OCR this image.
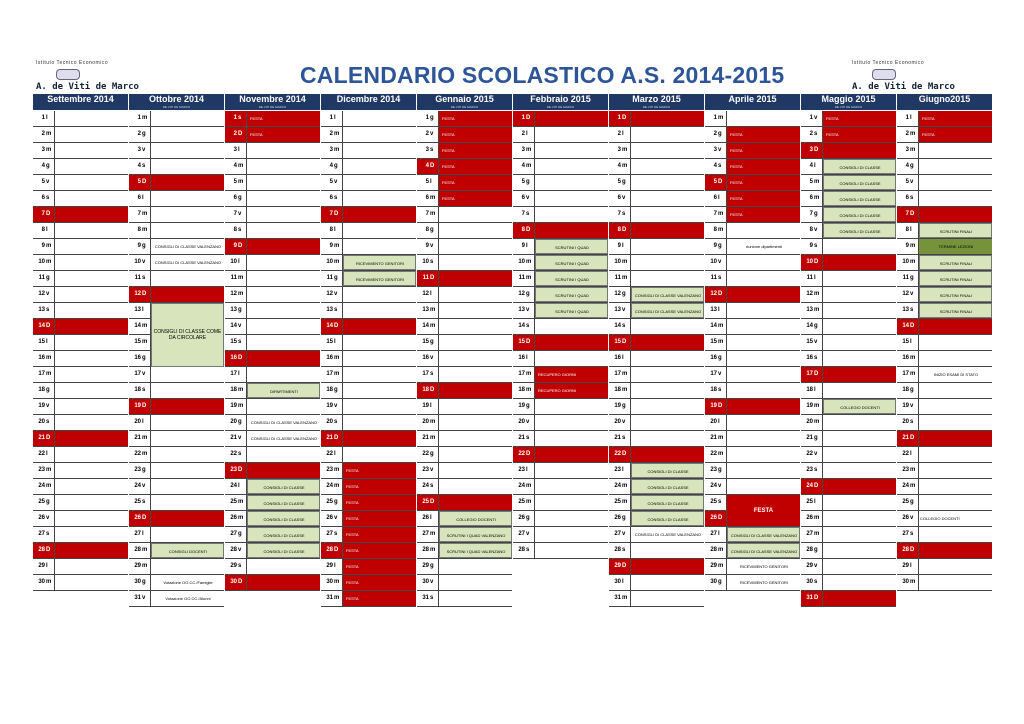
CALENDARIO SCOLASTICO A.S. 2014-2015
Istituto Tecnico Economico
A. de Viti de Marco
Istituto Tecnico Economico
A. de Viti de Marco
Settembre 2014
1 l
2 m
3 m
4 g
5 v
6 s
7 D
8 l
9 m
10 m
11 g
12 v
13 s
14 D
15 l
16 m
17 m
18 g
19 v
20 s
21 D
22 l
23 m
24 m
25 g
26 v
27 s
28 D
29 l
30 m
Ottobre 2014
DE VITI DE MARCO
1 m
2 g
3 v
4 s
5 D
6 l
7 m
8 m
9 g	CONSIGLI DI CLASSE VALENZANO
10 v	CONSIGLI DI CLASSE VALENZANO
11 s
12 D
13 l
14 m
15 m
16 g
17 v
18 s
19 D
20 l
21 m
22 m
23 g
24 v
25 s
26 D
27 l
28 m	CONSIGLI DOCENTI
29 m
30 g	Votazione OO.CC./Famiglie
31 v	Votazione OO.CC./Alunni
CONSIGLI DI CLASSE COME DA CIRCOLARE
Novembre 2014
DE VITI DE MARCO
1 s	FESTA
2 D	FESTA
3 l
4 m
5 m
6 g
7 v
8 s
9 D
10 l
11 m
12 m
13 g
14 v
15 s
16 D
17 l
18 m	DIPARTIMENTI
19 m
20 g	CONSIGLI DI CLASSE VALENZANO
21 v	CONSIGLI DI CLASSE VALENZANO
22 s
23 D
24 l	CONSIGLI DI CLASSE
25 m	CONSIGLI DI CLASSE
26 m	CONSIGLI DI CLASSE
27 g	CONSIGLI DI CLASSE
28 v	CONSIGLI DI CLASSE
29 s
30 D
Dicembre 2014
1 l
2 m
3 m
4 g
5 v
6 s
7 D
8 l
9 m
10 m	RICEVIMENTO GENITORI
11 g	RICEVIMENTO GENITORI
12 v
13 s
14 D
15 l
16 m
17 m
18 g
19 v
20 s
21 D
22 l
23 m	FESTA
24 m	FESTA
25 g	FESTA
26 v	FESTA
27 s	FESTA
28 D	FESTA
29 l	FESTA
30 m	FESTA
31 m	FESTA
Gennaio 2015
DE VITI DE MARCO
1 g	FESTA
2 v	FESTA
3 s	FESTA
4 D	FESTA
5 l	FESTA
6 m	FESTA
7 m
8 g
9 v
10 s
11 D
12 l
13 m
14 m
15 g
16 v
17 s
18 D
19 l
20 m
21 m
22 g
23 v
24 s
25 D
26 l	COLLEGIO DOCENTI
27 m	SCRUTINI I QUAD VALENZANO
28 m	SCRUTINI I QUAD VALENZANO
29 g
30 v
31 s
Febbraio 2015
DE VITI DE MARCO
1 D
2 l
3 m
4 m
5 g
6 v
7 s
8 D
9 l	SCRUTINI I QUAD
10 m	SCRUTINI I QUAD
11 m	SCRUTINI I QUAD
12 g	SCRUTINI I QUAD
13 v	SCRUTINI I QUAD
14 s
15 D
16 l
17 m	RECUPERO GIORNI
18 m	RECUPERO GIORNI
19 g
20 v
21 s
22 D
23 l
24 m
25 m
26 g
27 v
28 s
Marzo 2015
DE VITI DE MARCO
1 D
2 l
3 m
4 m
5 g
6 v
7 s
8 D
9 l
10 m
11 m
12 g	CONSIGLI DI CLASSE VALENZANO
13 v	CONSIGLI DI CLASSE VALENZANO
14 s
15 D
16 l
17 m
18 m
19 g
20 v
21 s
22 D
23 l	CONSIGLI DI CLASSE
24 m	CONSIGLI DI CLASSE
25 m	CONSIGLI DI CLASSE
26 g	CONSIGLI DI CLASSE
27 v	CONSIGLI DI CLASSE VALENZANO
28 s
29 D
30 l
31 m
Aprile 2015
1 m
2 g	FESTA
3 v	FESTA
4 s	FESTA
5 D	FESTA
6 l	FESTA
7 m	FESTA
8 m
9 g	riunione dipartimenti
10 v
11 s
12 D
13 l
14 m
15 m
16 g
17 v
18 s
19 D
20 l
21 m
22 m
23 g
24 v
25 s
26 D
27 l	CONSIGLI DI CLASSE VALENZANO
28 m	CONSIGLI DI CLASSE VALENZANO
29 m	RICEVIMENTO GENITORI
30 g	RICEVIMENTO GENITORI
FESTA
Maggio 2015
DE VITI DE MARCO
1 v	FESTA
2 s	FESTA
3 D
4 l	CONSIGLI DI CLASSE
5 m	CONSIGLI DI CLASSE
6 m	CONSIGLI DI CLASSE
7 g	CONSIGLI DI CLASSE
8 v	CONSIGLI DI CLASSE
9 s
10 D
11 l
12 m
13 m
14 g
15 v
16 s
17 D
18 l
19 m	COLLEGIO DOCENTI
20 m
21 g
22 v
23 s
24 D
25 l
26 m
27 m
28 g
29 v
30 s
31 D
Giugno2015
1 l	FESTA
2 m	FESTA
3 m
4 g
5 v
6 s
7 D
8 l	SCRUTINI FINALI
9 m	TERMINE LEZIONI
10 m	SCRUTINI FINALI
11 g	SCRUTINI FINALI
12 v	SCRUTINI FINALI
13 s	SCRUTINI FINALI
14 D
15 l
16 m
17 m	INIZIO ESAMI DI STATO
18 g
19 v
20 s
21 D
22 l
23 m
24 m
25 g
26 v	COLLEGIO DOCENTI
27 s
28 D
29 l
30 m
